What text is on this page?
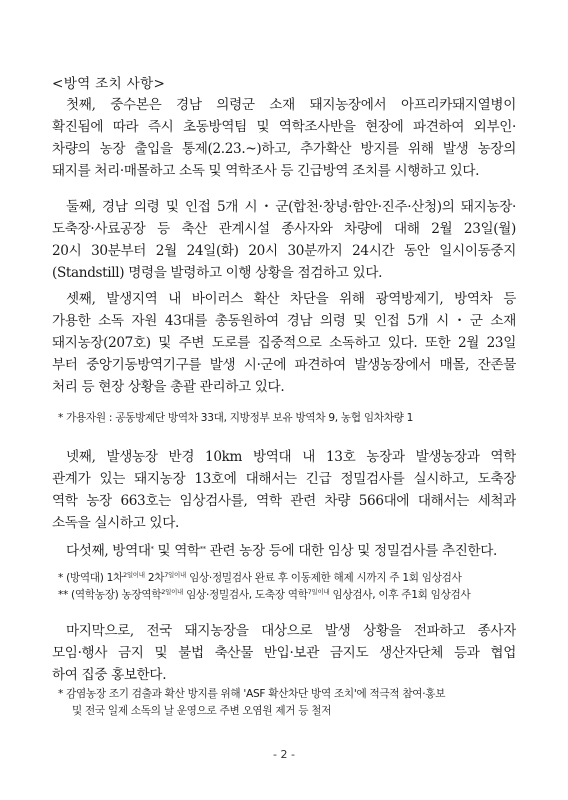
<방역 조치 사항>
첫째, 중수본은 경남 의령군 소재 돼지농장에서 아프리카돼지열병이
확진됨에 따라 즉시 초동방역팀 및 역학조사반을 현장에 파견하여 외부인·
차량의 농장 출입을 통제(2.23.~)하고, 추가확산 방지를 위해 발생 농장의
돼지를 처리·매몰하고 소독 및 역학조사 등 긴급방역 조치를 시행하고 있다.
둘째, 경남 의령 및 인접 5개 시・군(합천·창녕·함안·진주·산청)의 돼지농장·
도축장·사료공장 등 축산 관계시설 종사자와 차량에 대해 2월 23일(월)
20시 30분부터 2월 24일(화) 20시 30분까지 24시간 동안 일시이동중지
(Standstill) 명령을 발령하고 이행 상황을 점검하고 있다.
셋째, 발생지역 내 바이러스 확산 차단을 위해 광역방제기, 방역차 등
가용한 소독 자원 43대를 총동원하여 경남 의령 및 인접 5개 시・군 소재
돼지농장(207호) 및 주변 도로를 집중적으로 소독하고 있다. 또한 2월 23일
부터 중앙기동방역기구를 발생 시·군에 파견하여 발생농장에서 매몰, 잔존물
처리 등 현장 상황을 총괄 관리하고 있다.
* 가용자원 : 공동방제단 방역차 33대, 지방정부 보유 방역차 9, 농협 임차차량 1
넷째, 발생농장 반경 10km 방역대 내 13호 농장과 발생농장과 역학
관계가 있는 돼지농장 13호에 대해서는 긴급 정밀검사를 실시하고, 도축장
역학 농장 663호는 임상검사를, 역학 관련 차량 566대에 대해서는 세척과
소독을 실시하고 있다.
다섯째, 방역대* 및 역학** 관련 농장 등에 대한 임상 및 정밀검사를 추진한다.
* (방역대) 1차$^{2일이내}$ 2차$^{7일이내}$ 임상·정밀검사 완료 후 이동제한 해제 시까지 주 1회 임상검사
** (역학농장) 농장역학$^{2일이내}$ 임상·정밀검사, 도축장 역학$^{7일이내}$ 임상검사, 이후 주1회 임상검사
마지막으로, 전국 돼지농장을 대상으로 발생 상황을 전파하고 종사자
모임·행사 금지 및 불법 축산물 반입·보관 금지도 생산자단체 등과 협업
하여 집중 홍보한다.
* 감염농장 조기 검출과 확산 방지를 위해 'ASF 확산차단 방역 조치'에 적극적 참여·홍보
및 전국 일제 소독의 날 운영으로 주변 오염원 제거 등 철저
- 2 -
